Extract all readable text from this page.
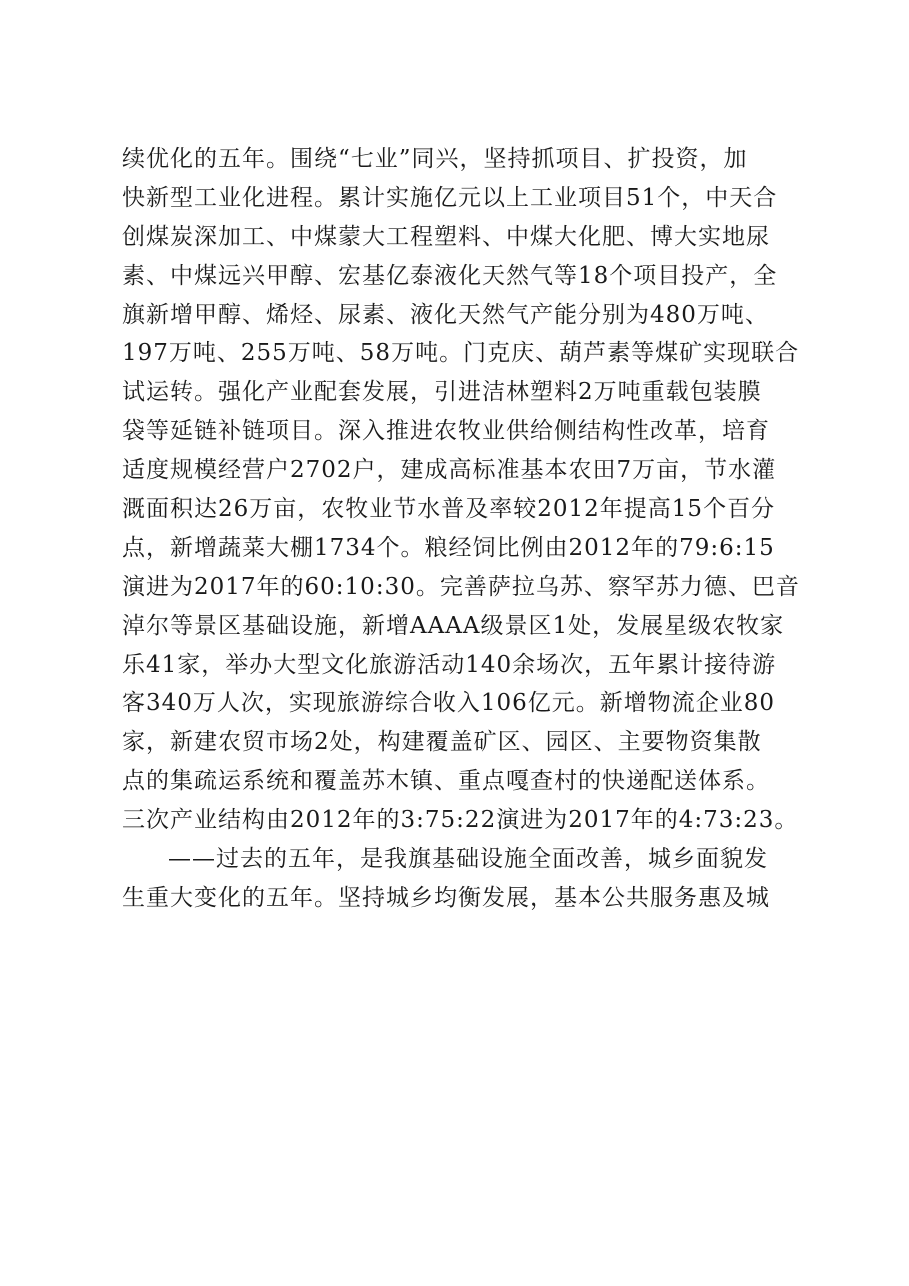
续优化的五年。围绕“七业”同兴，坚持抓项目、扩投资，加
快新型工业化进程。累计实施亿元以上工业项目51个，中天合
创煤炭深加工、中煤蒙大工程塑料、中煤大化肥、博大实地尿
素、中煤远兴甲醇、宏基亿泰液化天然气等18个项目投产，全
旗新增甲醇、烯烃、尿素、液化天然气产能分别为480万吨、
197万吨、255万吨、58万吨。门克庆、葫芦素等煤矿实现联合
试运转。强化产业配套发展，引进洁林塑料2万吨重载包装膜
袋等延链补链项目。深入推进农牧业供给侧结构性改革，培育
适度规模经营户2702户，建成高标准基本农田7万亩，节水灌
溉面积达26万亩，农牧业节水普及率较2012年提高15个百分
点，新增蔬菜大棚1734个。粮经饲比例由2012年的79:6:15
演进为2017年的60:10:30。完善萨拉乌苏、察罕苏力德、巴音
淖尔等景区基础设施，新增AAAA级景区1处，发展星级农牧家
乐41家，举办大型文化旅游活动140余场次，五年累计接待游
客340万人次，实现旅游综合收入106亿元。新增物流企业80
家，新建农贸市场2处，构建覆盖矿区、园区、主要物资集散
点的集疏运系统和覆盖苏木镇、重点嘎查村的快递配送体系。
三次产业结构由2012年的3:75:22演进为2017年的4:73:23。
——过去的五年，是我旗基础设施全面改善，城乡面貌发
生重大变化的五年。坚持城乡均衡发展，基本公共服务惠及城
